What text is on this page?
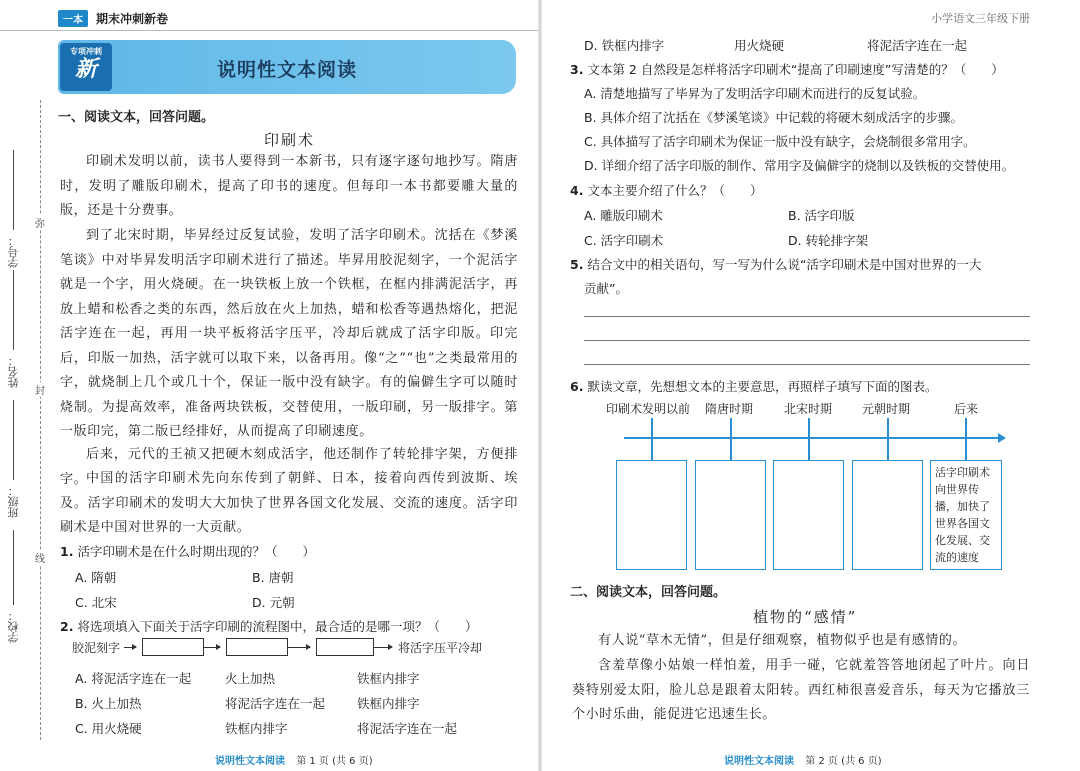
一本	期末冲刺新卷
学号：
姓名：
班级：
学校：
弥
封
线
专项冲刺
新	说明性文本阅读
一、阅读文本，回答问题。
印刷术
印刷术发明以前，读书人要得到一本新书，只有逐字逐句地抄写。隋唐时，发明了雕版印刷术，提高了印书的速度。但每印一本书都要雕大量的版，还是十分费事。
到了北宋时期，毕昇经过反复试验，发明了活字印刷术。沈括在《梦溪笔谈》中对毕昇发明活字印刷术进行了描述。毕昇用胶泥刻字，一个泥活字就是一个字，用火烧硬。在一块铁板上放一个铁框，在框内排满泥活字，再放上蜡和松香之类的东西，然后放在火上加热，蜡和松香等遇热熔化，把泥活字连在一起，再用一块平板将活字压平，冷却后就成了活字印版。印完后，印版一加热，活字就可以取下来，以备再用。像“之”“也”之类最常用的字，就烧制上几个或几十个，保证一版中没有缺字。有的偏僻生字可以随时烧制。为提高效率，准备两块铁板，交替使用，一版印刷，另一版排字。第一版印完，第二版已经排好，从而提高了印刷速度。
后来，元代的王祯又把硬木刻成活字，他还制作了转轮排字架，方便排字。
中国的活字印刷术先向东传到了朝鲜、日本，接着向西传到波斯、埃及。活字印刷术的发明大大加快了世界各国文化发展、交流的速度。活字印刷术是中国对世界的一大贡献。
1. 活字印刷术是在什么时期出现的？（　　）
A. 隋朝	B. 唐朝
C. 北宋	D. 元朝
2. 将选项填入下面关于活字印刷的流程图中，最合适的是哪一项？（　　）
胶泥刻字	将活字压平冷却
A. 将泥活字连在一起	火上加热	铁框内排字
B. 火上加热	将泥活字连在一起	铁框内排字
C. 用火烧硬	铁框内排字	将泥活字连在一起
说明性文本阅读 第 1 页 (共 6 页)
小学语文三年级下册
D. 铁框内排字	用火烧硬	将泥活字连在一起
3. 文本第 2 自然段是怎样将活字印刷术“提高了印刷速度”写清楚的？（　　）
A. 清楚地描写了毕昇为了发明活字印刷术而进行的反复试验。
B. 具体介绍了沈括在《梦溪笔谈》中记载的将硬木刻成活字的步骤。
C. 具体描写了活字印刷术为保证一版中没有缺字，会烧制很多常用字。
D. 详细介绍了活字印版的制作、常用字及偏僻字的烧制以及铁板的交替使用。
4. 文本主要介绍了什么？（　　）
A. 雕版印刷术	B. 活字印版
C. 活字印刷术	D. 转轮排字架
5. 结合文中的相关语句，写一写为什么说“活字印刷术是中国对世界的一大
贡献”。
6. 默读文章，先想想文本的主要意思，再照样子填写下面的图表。
印刷术发明以前 隋唐时期	北宋时期 元朝时期	后来
活字印刷术向世界传播，加快了世界各国文化发展、交流的速度
二、阅读文本，回答问题。
植物的“感情”
有人说“草木无情”，但是仔细观察，植物似乎也是有感情的。
含羞草像小姑娘一样怕羞，用手一碰，它就羞答答地闭起了叶片。向日葵特别爱太阳，脸儿总是跟着太阳转。西红柿很喜爱音乐，每天为它播放三个小时乐曲，能促进它迅速生长。
说明性文本阅读 第 2 页 (共 6 页)
